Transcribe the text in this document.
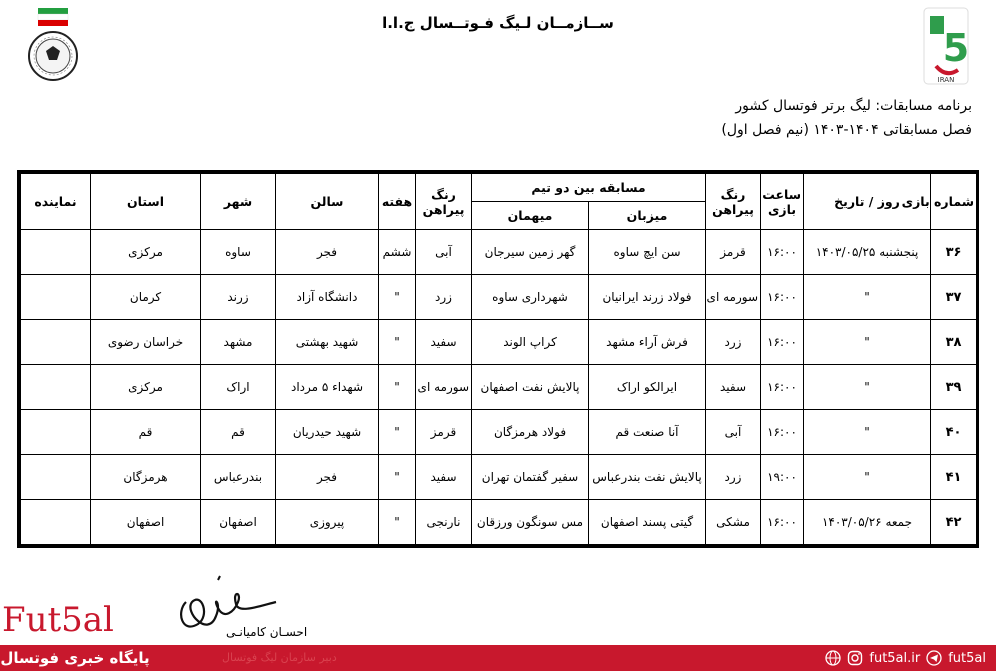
ســازمــان لـیگ فـوتــسال ج.ا.ا
5
IRAN
برنامه مسابقات: لیگ برتر فوتسال کشور
فصل مسابقاتی ۱۴۰۴-۱۴۰۳ (نیم فصل اول)
شماره بازی	روز / تاریخ	ساعت بازی	رنگ پیراهن	مسابقه بین دو تیم		رنگ پیراهن	هفته	سالن	شهر	استان	نماینده
				میزبان	میهمان						
۳۶	پنجشنبه ۱۴۰۳/۰۵/۲۵	۱۶:۰۰	قرمز	سن ایچ ساوه	گهر زمین سیرجان	آبی	ششم	فجر	ساوه	مرکزی	
۳۷	"	۱۶:۰۰	سورمه ای	فولاد زرند ایرانیان	شهرداری ساوه	زرد	"	دانشگاه آزاد	زرند	کرمان	
۳۸	"	۱۶:۰۰	زرد	فرش آراء مشهد	کراپ الوند	سفید	"	شهید بهشتی	مشهد	خراسان رضوی	
۳۹	"	۱۶:۰۰	سفید	ایرالکو اراک	پالایش نفت اصفهان	سورمه ای	"	شهداء ۵ مرداد	اراک	مرکزی	
۴۰	"	۱۶:۰۰	آبی	آنا صنعت قم	فولاد هرمزگان	قرمز	"	شهید حیدریان	قم	قم	
۴۱	"	۱۹:۰۰	زرد	پالایش نفت بندرعباس	سفیر گفتمان تهران	سفید	"	فجر	بندرعباس	هرمزگان	
۴۲	جمعه ۱۴۰۳/۰۵/۲۶	۱۶:۰۰	مشکی	گیتی پسند اصفهان	مس سونگون ورزقان	نارنجی	"	پیروزی	اصفهان	اصفهان	
احسـان کامیانـی
دبیر سازمان لیگ فوتسال
Fut5al
پایگاه خبری فوتسال	fut5al.ir fut5al
